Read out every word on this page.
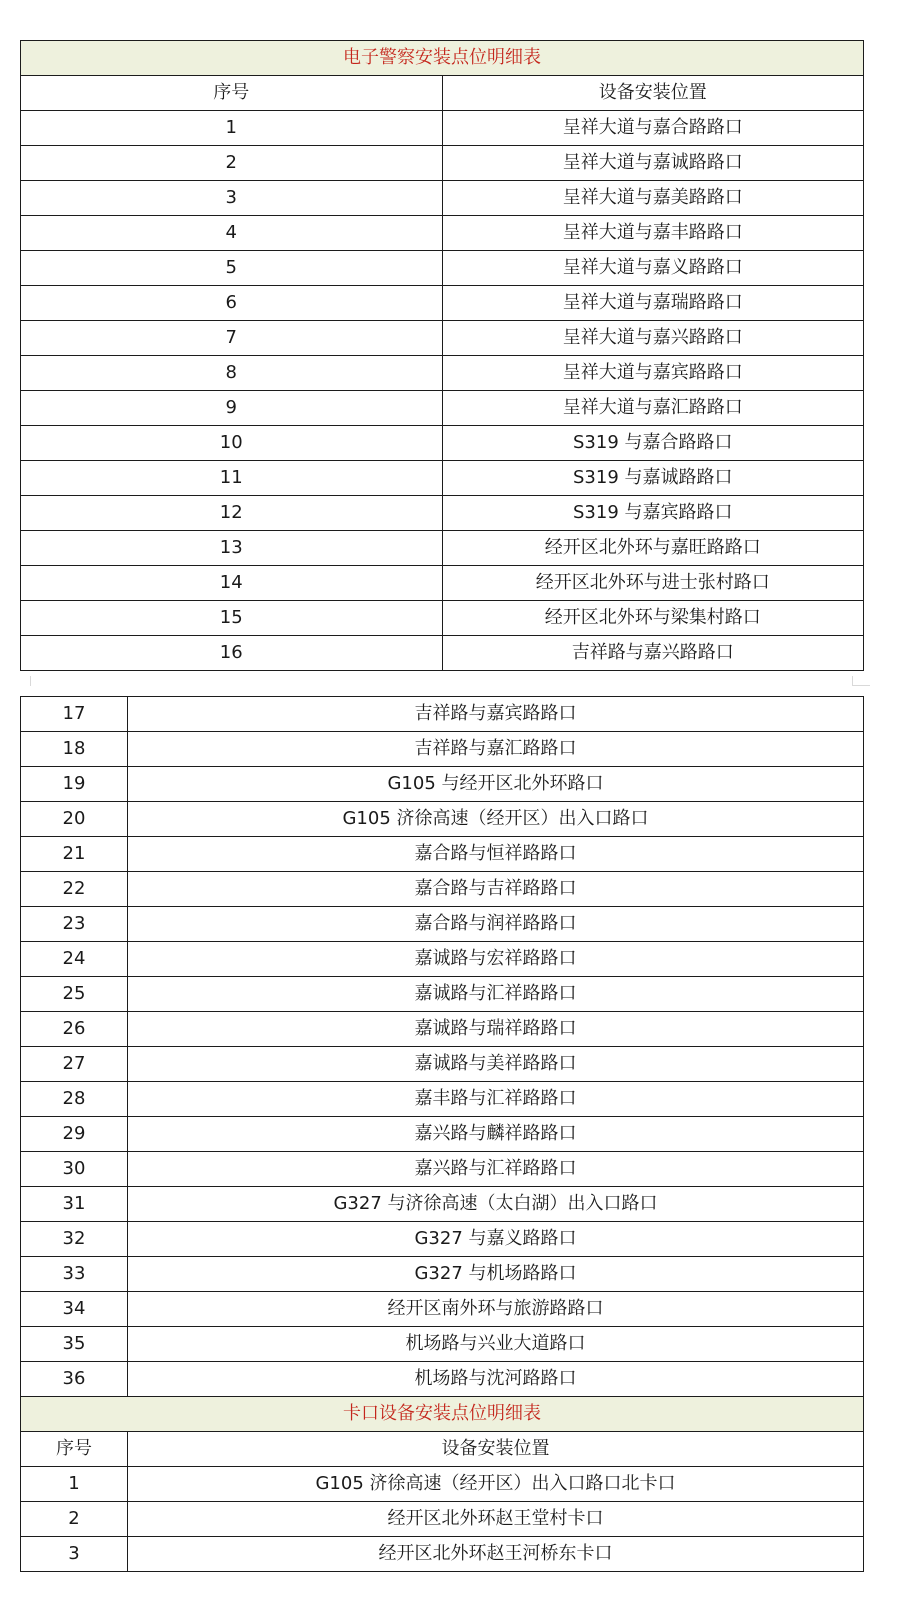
电子警察安装点位明细表	
序号	设备安装位置
1	呈祥大道与嘉合路路口
2	呈祥大道与嘉诚路路口
3	呈祥大道与嘉美路路口
4	呈祥大道与嘉丰路路口
5	呈祥大道与嘉义路路口
6	呈祥大道与嘉瑞路路口
7	呈祥大道与嘉兴路路口
8	呈祥大道与嘉宾路路口
9	呈祥大道与嘉汇路路口
10	S319 与嘉合路路口
11	S319 与嘉诚路路口
12	S319 与嘉宾路路口
13	经开区北外环与嘉旺路路口
14	经开区北外环与进士张村路口
15	经开区北外环与梁集村路口
16	吉祥路与嘉兴路路口
17	吉祥路与嘉宾路路口
18	吉祥路与嘉汇路路口
19	G105 与经开区北外环路口
20	G105 济徐高速（经开区）出入口路口
21	嘉合路与恒祥路路口
22	嘉合路与吉祥路路口
23	嘉合路与润祥路路口
24	嘉诚路与宏祥路路口
25	嘉诚路与汇祥路路口
26	嘉诚路与瑞祥路路口
27	嘉诚路与美祥路路口
28	嘉丰路与汇祥路路口
29	嘉兴路与麟祥路路口
30	嘉兴路与汇祥路路口
31	G327 与济徐高速（太白湖）出入口路口
32	G327 与嘉义路路口
33	G327 与机场路路口
34	经开区南外环与旅游路路口
35	机场路与兴业大道路口
36	机场路与沈河路路口
卡口设备安装点位明细表	
序号	设备安装位置
1	G105 济徐高速（经开区）出入口路口北卡口
2	经开区北外环赵王堂村卡口
3	经开区北外环赵王河桥东卡口
